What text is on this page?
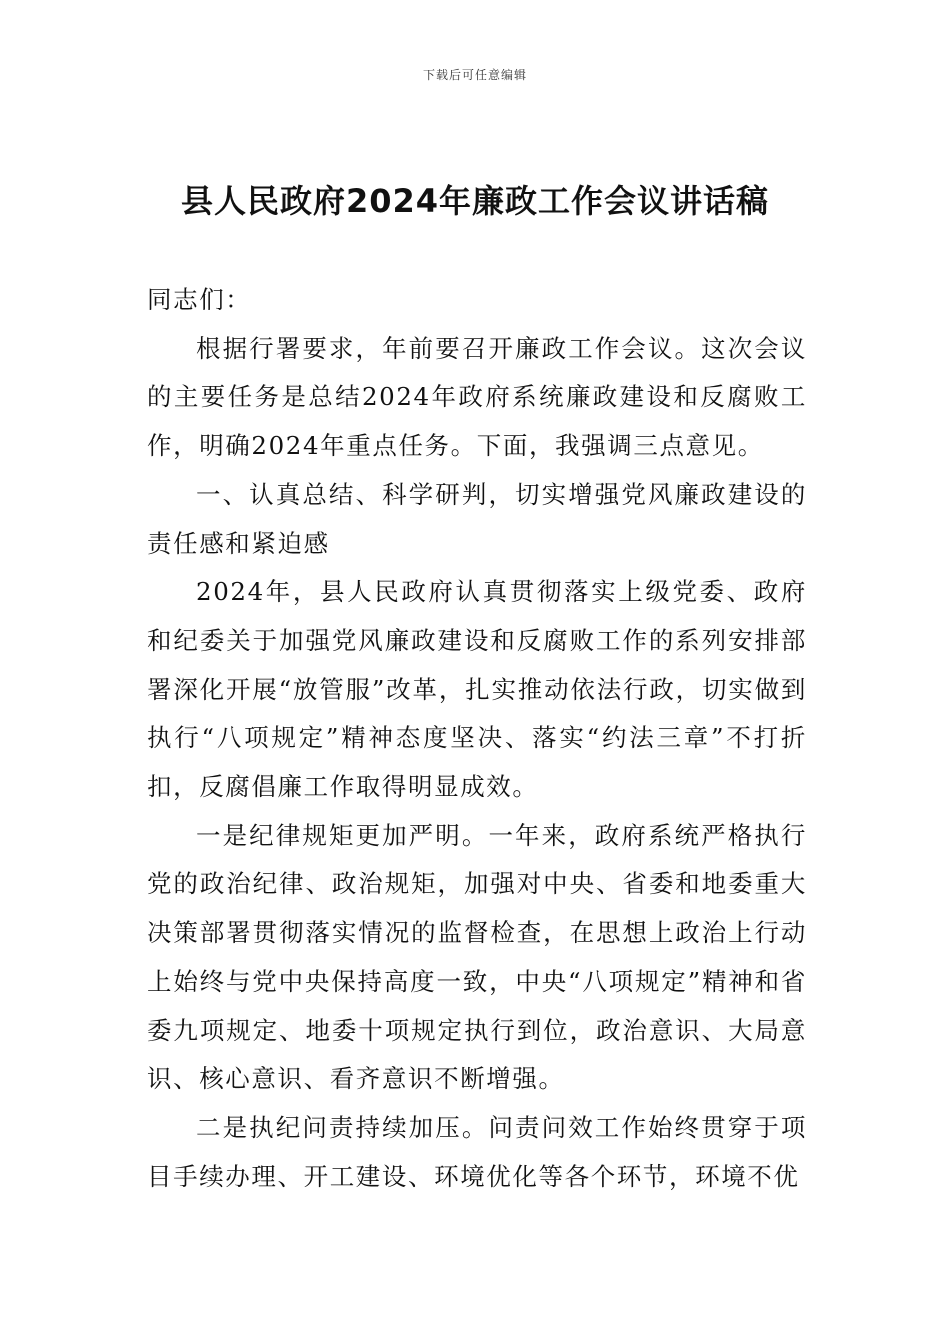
下载后可任意编辑
县人民政府2024年廉政工作会议讲话稿

同志们：

根据行署要求，年前要召开廉政工作会议。这次会议的主要任务是总结2024年政府系统廉政建设和反腐败工作，明确2024年重点任务。下面，我强调三点意见。

一、认真总结、科学研判，切实增强党风廉政建设的责任感和紧迫感

2024年，县人民政府认真贯彻落实上级党委、政府和纪委关于加强党风廉政建设和反腐败工作的系列安排部署深化开展“放管服”改革，扎实推动依法行政，切实做到执行“八项规定”精神态度坚决、落实“约法三章”不打折扣，反腐倡廉工作取得明显成效。

一是纪律规矩更加严明。一年来，政府系统严格执行党的政治纪律、政治规矩，加强对中央、省委和地委重大决策部署贯彻落实情况的监督检查，在思想上政治上行动上始终与党中央保持高度一致，中央“八项规定”精神和省委九项规定、地委十项规定执行到位，政治意识、大局意识、核心意识、看齐意识不断增强。

二是执纪问责持续加压。问责问效工作始终贯穿于项目手续办理、开工建设、环境优化等各个环节，环境不优
